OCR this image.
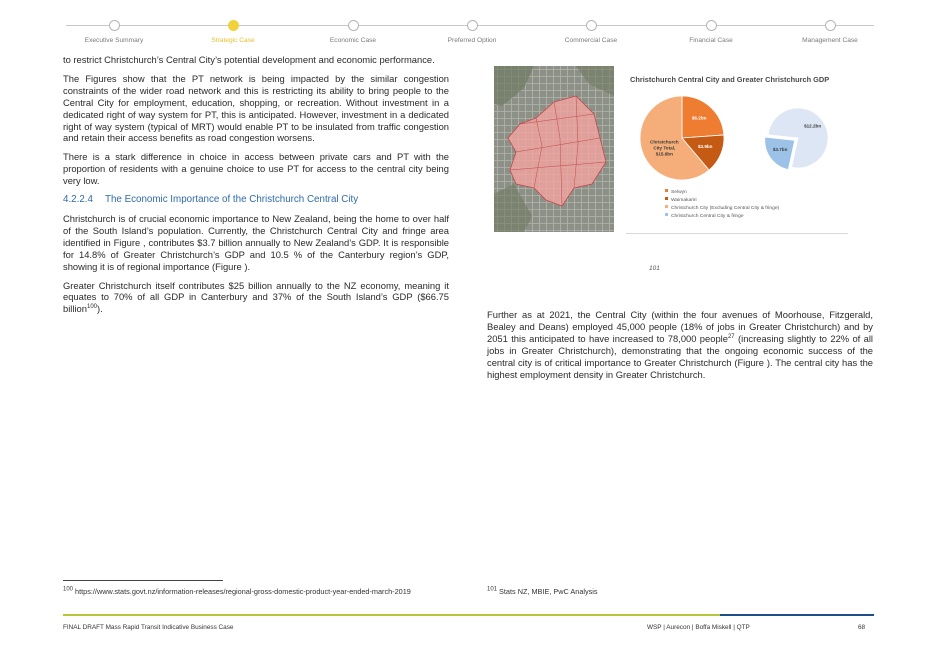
Executive Summary	Strategic Case	Economic Case	Preferred Option	Commercial Case	Financial Case	Management Case

to restrict Christchurch’s Central City’s potential development and economic performance.

The Figures show that the PT network is being impacted by the similar congestion constraints of the wider road network and this is restricting its ability to bring people to the Central City for employment, education, shopping, or recreation. Without investment in a dedicated right of way system for PT, this is anticipated. However, investment in a dedicated right of way system (typical of MRT) would enable PT to be insulated from traffic congestion and retain their access benefits as road congestion worsens.

There is a stark difference in choice in access between private cars and PT with the proportion of residents with a genuine choice to use PT for access to the central city being very low.

4.2.2.4 The Economic Importance of the Christchurch Central City

Christchurch is of crucial economic importance to New Zealand, being the home to over half of the South Island’s population. Currently, the Christchurch Central City and fringe area identified in Figure , contributes $3.7 billion annually to New Zealand’s GDP. It is responsible for 14.8% of Greater Christchurch’s GDP and 10.5 % of the Canterbury region’s GDP, showing it is of regional importance (Figure ).

Greater Christchurch itself contributes $25 billion annually to the NZ economy, meaning it equates to 70% of all GDP in Canterbury and 37% of the South Island’s GDP ($66.75 billion$^{100}$).

Christchurch Central City and Greater Christchurch GDP
$6.2bn
$3.9bn
Christchurch City Total, $15.9bn
$12.2bn
$3.7bn
Selwyn
Waimakariri
Christchurch City (Excluding Central City & fringe)
Christchurch Central City & fringe
101

Further as at 2021, the Central City (within the four avenues of Moorhouse, Fitzgerald, Bealey and Deans) employed 45,000 people (18% of jobs in Greater Christchurch) and by 2051 this anticipated to have increased to 78,000 people$^{27}$ (increasing slightly to 22% of all jobs in Greater Christchurch), demonstrating that the ongoing economic success of the central city is of critical importance to Greater Christchurch (Figure ). The central city has the highest employment density in Greater Christchurch.

$^{100}$ https://www.stats.govt.nz/information-releases/regional-gross-domestic-product-year-ended-march-2019	$^{101}$ Stats NZ, MBIE, PwC Analysis
FINAL DRAFT Mass Rapid Transit Indicative Business Case	WSP | Aurecon | Boffa Miskell | QTP	68
